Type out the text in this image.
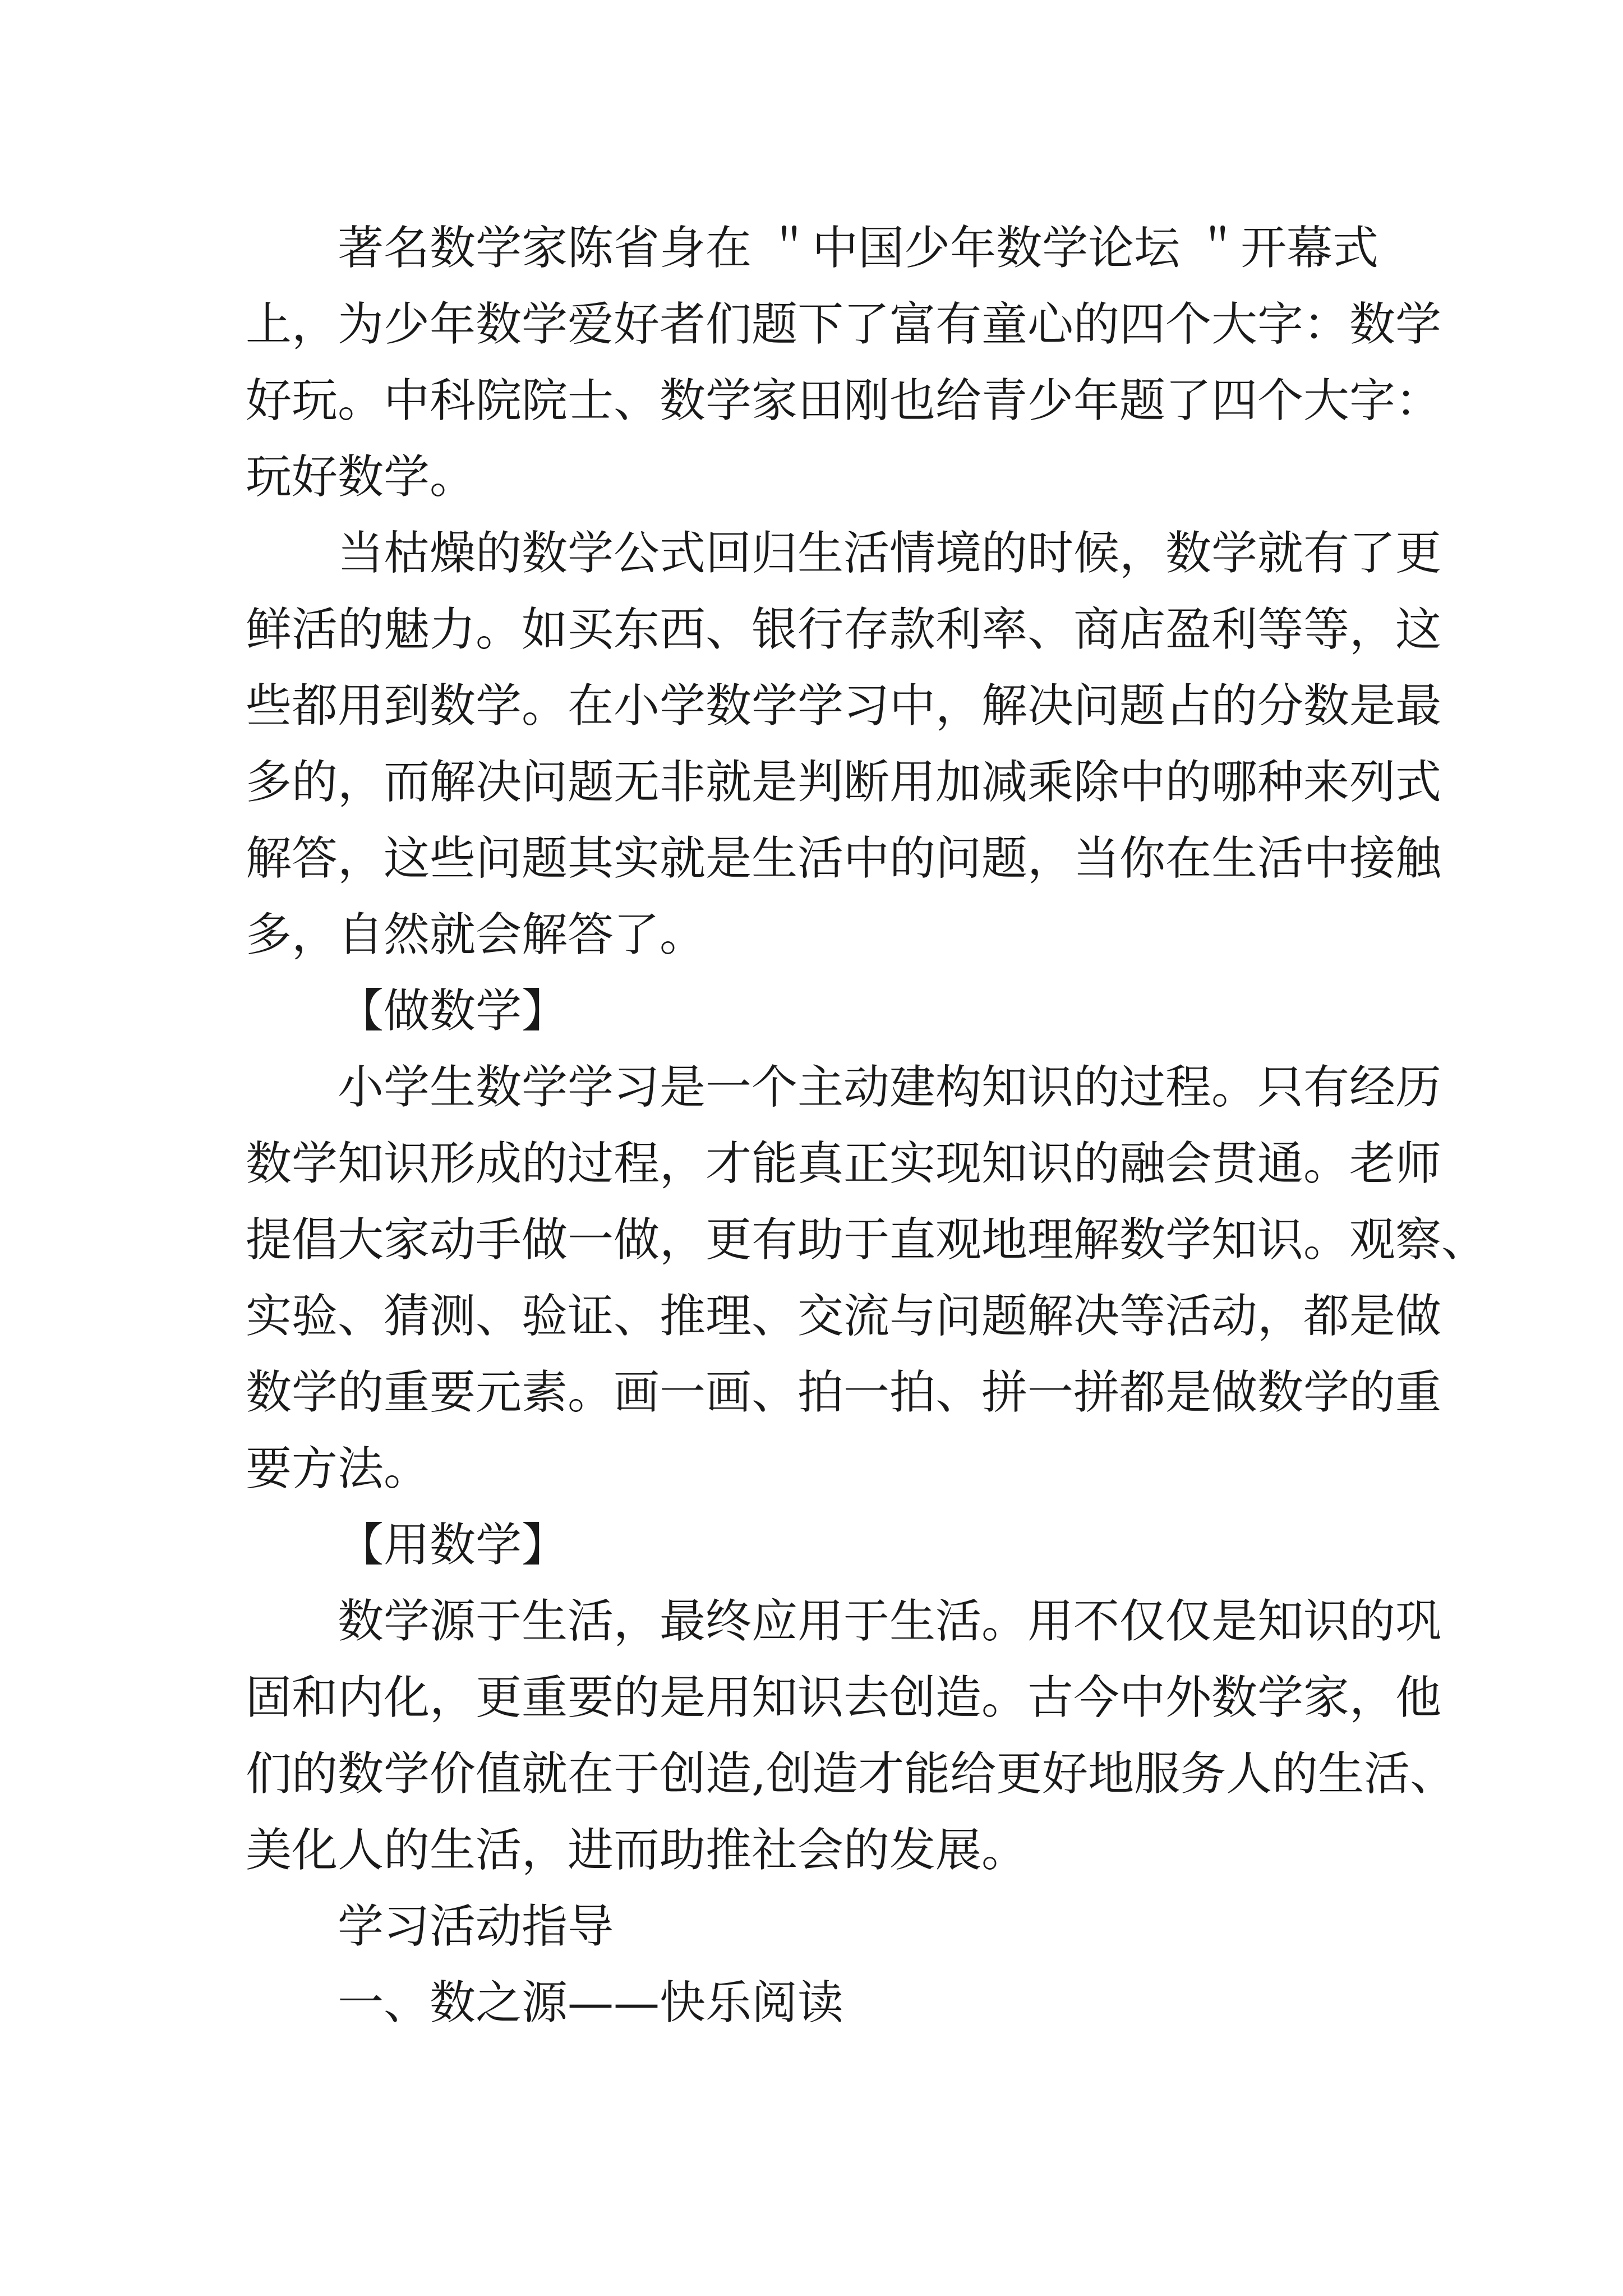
著名数学家陈省身在 ＂中国少年数学论坛 ＂开幕式
上，为少年数学爱好者们题下了富有童心的四个大字：数学
好玩。中科院院士、数学家田刚也给青少年题了四个大字：
玩好数学。
当枯燥的数学公式回归生活情境的时候，数学就有了更
鲜活的魅力。如买东西、银行存款利率、商店盈利等等，这
些都用到数学。在小学数学学习中，解决问题占的分数是最
多的，而解决问题无非就是判断用加减乘除中的哪种来列式
解答，这些问题其实就是生活中的问题，当你在生活中接触
多，自然就会解答了。
【做数学】
小学生数学学习是一个主动建构知识的过程。只有经历
数学知识形成的过程，才能真正实现知识的融会贯通。老师
提倡大家动手做一做，更有助于直观地理解数学知识。观察、
实验、猜测、验证、推理、交流与问题解决等活动，都是做
数学的重要元素。画一画、拍一拍、拼一拼都是做数学的重
要方法。
【用数学】
数学源于生活，最终应用于生活。用不仅仅是知识的巩
固和内化，更重要的是用知识去创造。古今中外数学家，他
们的数学价值就在于创造,创造才能给更好地服务人的生活、
美化人的生活，进而助推社会的发展。
学习活动指导
一、数之源——快乐阅读
